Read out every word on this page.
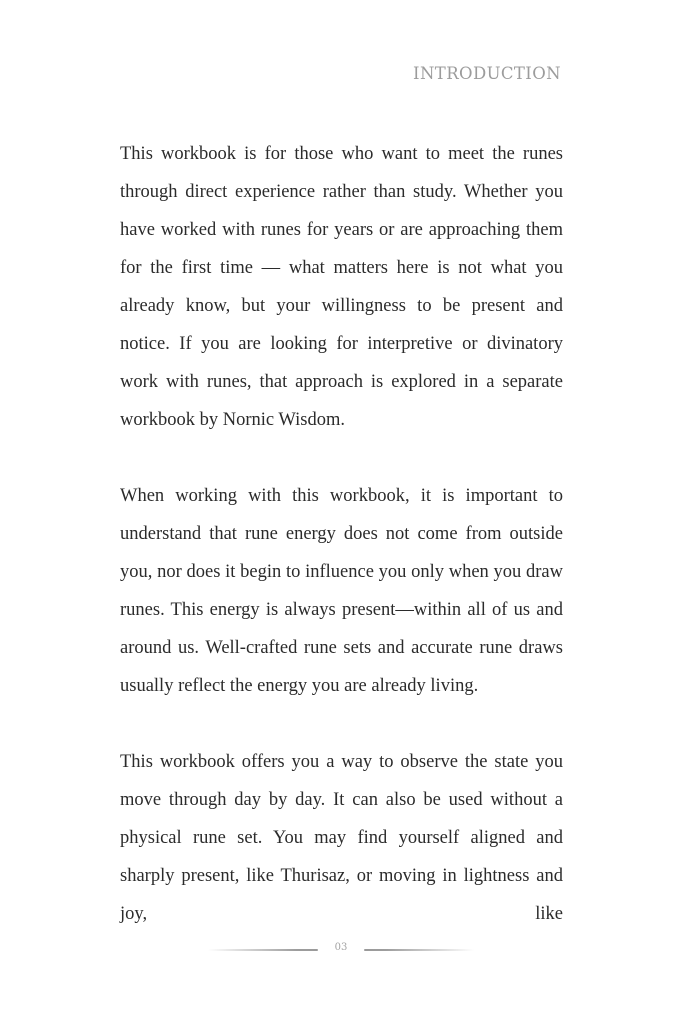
INTRODUCTION

This workbook is for those who want to meet the runes through direct experience rather than study. Whether you have worked with runes for years or are approaching them for the first time — what matters here is not what you already know, but your willingness to be present and notice. If you are looking for interpretive or divinatory work with runes, that approach is explored in a separate workbook by Nornic Wisdom.

When working with this workbook, it is important to understand that rune energy does not come from outside you, nor does it begin to influence you only when you draw runes. This energy is always present—within all of us and around us. Well-crafted rune sets and accurate rune draws usually reflect the energy you are already living.

This workbook offers you a way to observe the state you move through day by day. It can also be used without a physical rune set. You may find yourself aligned and sharply present, like Thurisaz, or moving in lightness and joy, like

03
